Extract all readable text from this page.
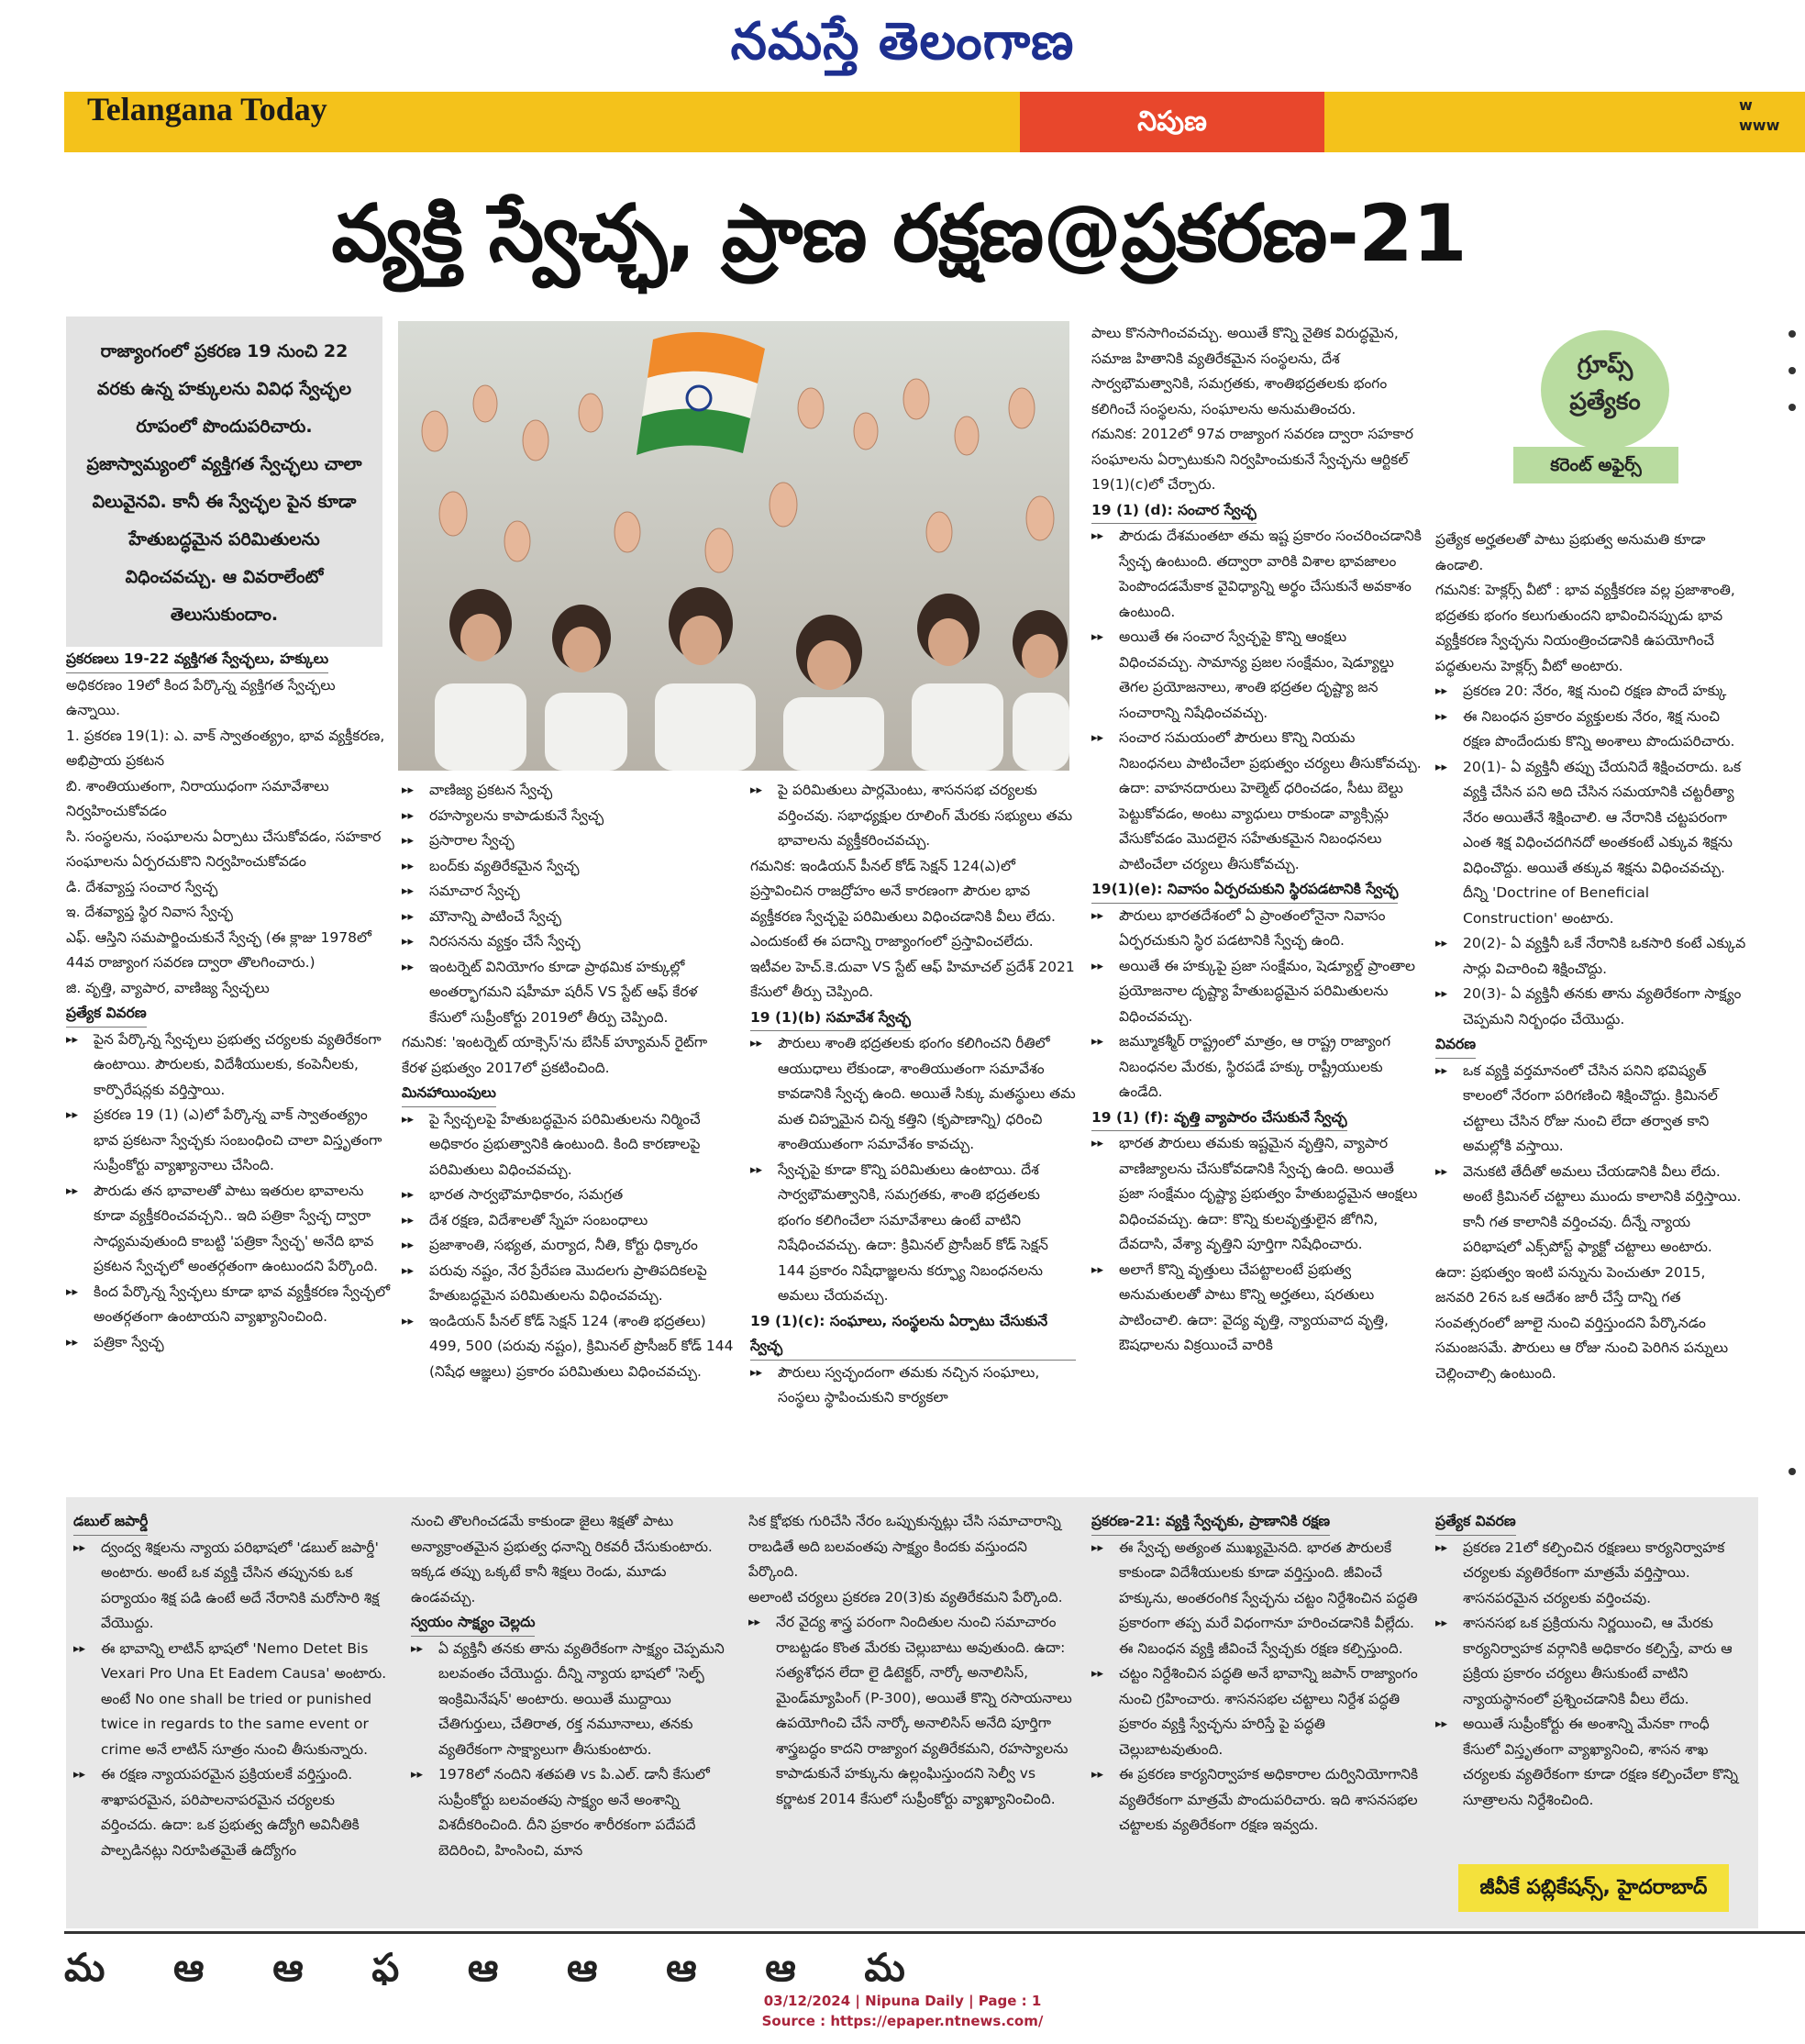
నమస్తే తెలంగాణ
Telangana Today	నిపుణ
w
www
వ్యక్తి స్వేచ్ఛ, ప్రాణ రక్షణ@ప్రకరణ-21
రాజ్యాంగంలో ప్రకరణ 19 నుంచి 22 వరకు ఉన్న హక్కులను వివిధ స్వేచ్ఛల రూపంలో పొందుపరిచారు. ప్రజాస్వామ్యంలో వ్యక్తిగత స్వేచ్ఛలు చాలా విలువైనవి. కానీ ఈ స్వేచ్ఛల పైన కూడా హేతుబద్ధమైన పరిమితులను విధించవచ్చు. ఆ వివరాలేంటో తెలుసుకుందాం.
గ్రూప్స్ ప్రత్యేకం
కరెంట్ అఫైర్స్

ప్రకరణలు 19-22 వ్యక్తిగత స్వేచ్ఛలు, హక్కులు

అధికరణం 19లో కింద పేర్కొన్న వ్యక్తిగత స్వేచ్ఛలు ఉన్నాయి.

1. ప్రకరణ 19(1): ఎ. వాక్ స్వాతంత్య్రం, భావ వ్యక్తీకరణ, అభిప్రాయ ప్రకటన

బి. శాంతియుతంగా, నిరాయుధంగా సమావేశాలు నిర్వహించుకోవడం

సి. సంస్థలను, సంఘాలను ఏర్పాటు చేసుకోవడం, సహకార సంఘాలను ఏర్పరచుకొని నిర్వహించుకోవడం

డి. దేశవ్యాప్త సంచార స్వేచ్ఛ

ఇ. దేశవ్యాప్త స్థిర నివాస స్వేచ్ఛ

ఎఫ్. ఆస్తిని సమపార్జించుకునే స్వేచ్ఛ (ఈ క్లాజు 1978లో 44వ రాజ్యాంగ సవరణ ద్వారా తొలగించారు.)

జి. వృత్తి, వ్యాపార, వాణిజ్య స్వేచ్ఛలు

ప్రత్యేక వివరణ

▸▸ పైన పేర్కొన్న స్వేచ్ఛలు ప్రభుత్వ చర్యలకు వ్యతిరేకంగా ఉంటాయి. పౌరులకు, విదేశీయులకు, కంపెనీలకు, కార్పొరేషన్లకు వర్తిస్తాయి.

▸▸ ప్రకరణ 19 (1) (ఎ)లో పేర్కొన్న వాక్ స్వాతంత్య్రం భావ ప్రకటనా స్వేచ్ఛకు సంబంధించి చాలా విస్తృతంగా సుప్రీంకోర్టు వ్యాఖ్యానాలు చేసింది.

▸▸ పౌరుడు తన భావాలతో పాటు ఇతరుల భావాలను కూడా వ్యక్తీకరించవచ్చని.. ఇది పత్రికా స్వేచ్ఛ ద్వారా సాధ్యమవుతుంది కాబట్టి 'పత్రికా స్వేచ్ఛ' అనేది భావ ప్రకటన స్వేచ్ఛలో అంతర్గతంగా ఉంటుందని పేర్కొంది.

▸▸ కింద పేర్కొన్న స్వేచ్ఛలు కూడా భావ వ్యక్తీకరణ స్వేచ్ఛలో అంతర్గతంగా ఉంటాయని వ్యాఖ్యానించింది.

▸▸ పత్రికా స్వేచ్ఛ

▸▸ వాణిజ్య ప్రకటన స్వేచ్ఛ

▸▸ రహస్యాలను కాపాడుకునే స్వేచ్ఛ

▸▸ ప్రసారాల స్వేచ్ఛ

▸▸ బంద్‌కు వ్యతిరేకమైన స్వేచ్ఛ

▸▸ సమాచార స్వేచ్ఛ

▸▸ మౌనాన్ని పాటించే స్వేచ్ఛ

▸▸ నిరసనను వ్యక్తం చేసే స్వేచ్ఛ

▸▸ ఇంటర్నెట్ వినియోగం కూడా ప్రాథమిక హక్కుల్లో అంతర్భాగమని షహీమా షరీన్ VS స్టేట్ ఆఫ్ కేరళ కేసులో సుప్రీంకోర్టు 2019లో తీర్పు చెప్పింది.

గమనిక: 'ఇంటర్నెట్ యాక్సెస్'ను బేసిక్ హ్యూమన్ రైట్‌గా కేరళ ప్రభుత్వం 2017లో ప్రకటించింది.

మినహాయింపులు

▸▸ పై స్వేచ్ఛలపై హేతుబద్ధమైన పరిమితులను నిర్మించే అధికారం ప్రభుత్వానికి ఉంటుంది. కింది కారణాలపై పరిమితులు విధించవచ్చు.

▸▸ భారత సార్వభౌమాధికారం, సమగ్రత

▸▸ దేశ రక్షణ, విదేశాలతో స్నేహ సంబంధాలు

▸▸ ప్రజాశాంతి, సభ్యత, మర్యాద, నీతి, కోర్టు ధిక్కారం

▸▸ పరువు నష్టం, నేర ప్రేరేపణ మొదలగు ప్రాతిపదికలపై హేతుబద్ధమైన పరిమితులను విధించవచ్చు.

▸▸ ఇండియన్ పీనల్ కోడ్ సెక్షన్ 124 (శాంతి భద్రతలు) 499, 500 (పరువు నష్టం), క్రిమినల్ ప్రొసీజర్ కోడ్ 144 (నిషేధ ఆజ్ఞలు) ప్రకారం పరిమితులు విధించవచ్చు.

▸▸ పై పరిమితులు పార్లమెంటు, శాసనసభ చర్యలకు వర్తించవు. సభాధ్యక్షుల రూలింగ్ మేరకు సభ్యులు తమ భావాలను వ్యక్తీకరించవచ్చు.

గమనిక: ఇండియన్ పీనల్ కోడ్ సెక్షన్ 124(ఎ)లో ప్రస్తావించిన రాజద్రోహం అనే కారణంగా పౌరుల భావ వ్యక్తీకరణ స్వేచ్ఛపై పరిమితులు విధించడానికి వీలు లేదు. ఎందుకంటే ఈ పదాన్ని రాజ్యాంగంలో ప్రస్తావించలేదు. ఇటీవల హెచ్.కె.దువా VS స్టేట్ ఆఫ్ హిమాచల్ ప్రదేశ్ 2021 కేసులో తీర్పు చెప్పింది.

19 (1)(b) సమావేశ స్వేచ్ఛ

▸▸ పౌరులు శాంతి భద్రతలకు భంగం కలిగించని రీతిలో ఆయుధాలు లేకుండా, శాంతియుతంగా సమావేశం కావడానికి స్వేచ్ఛ ఉంది. అయితే సిక్కు మతస్థులు తమ మత చిహ్నమైన చిన్న కత్తిని (కృపాణాన్ని) ధరించి శాంతియుతంగా సమావేశం కావచ్చు.

▸▸ స్వేచ్ఛపై కూడా కొన్ని పరిమితులు ఉంటాయి. దేశ సార్వభౌమత్వానికి, సమగ్రతకు, శాంతి భద్రతలకు భంగం కలిగించేలా సమావేశాలు ఉంటే వాటిని నిషేధించవచ్చు. ఉదా: క్రిమినల్ ప్రొసీజర్ కోడ్ సెక్షన్ 144 ప్రకారం నిషేధాజ్ఞలను కర్ఫ్యూ నిబంధనలను అమలు చేయవచ్చు.

19 (1)(c): సంఘాలు, సంస్థలను ఏర్పాటు చేసుకునే స్వేచ్ఛ

▸▸ పౌరులు స్వచ్ఛందంగా తమకు నచ్చిన సంఘాలు, సంస్థలు స్థాపించుకుని కార్యకలా

పాలు కొనసాగించవచ్చు. అయితే కొన్ని నైతిక విరుద్ధమైన, సమాజ హితానికి వ్యతిరేకమైన సంస్థలను, దేశ సార్వభౌమత్వానికి, సమగ్రతకు, శాంతిభద్రతలకు భంగం కలిగించే సంస్థలను, సంఘాలను అనుమతించరు.

గమనిక: 2012లో 97వ రాజ్యాంగ సవరణ ద్వారా సహకార సంఘాలను ఏర్పాటుకుని నిర్వహించుకునే స్వేచ్ఛను ఆర్టికల్ 19(1)(c)లో చేర్చారు.

19 (1) (d): సంచార స్వేచ్ఛ

▸▸ పౌరుడు దేశమంతటా తమ ఇష్ట ప్రకారం సంచరించడానికి స్వేచ్ఛ ఉంటుంది. తద్వారా వారికి విశాల భావజాలం పెంపొందడమేకాక వైవిధ్యాన్ని అర్థం చేసుకునే అవకాశం ఉంటుంది.

▸▸ అయితే ఈ సంచార స్వేచ్ఛపై కొన్ని ఆంక్షలు విధించవచ్చు. సామాన్య ప్రజల సంక్షేమం, షెడ్యూల్డు తెగల ప్రయోజనాలు, శాంతి భద్రతల దృష్ట్యా జన సంచారాన్ని నిషేధించవచ్చు.

▸▸ సంచార సమయంలో పౌరులు కొన్ని నియమ నిబంధనలు పాటించేలా ప్రభుత్వం చర్యలు తీసుకోవచ్చు. ఉదా: వాహనదారులు హెల్మెట్ ధరించడం, సీటు బెల్టు పెట్టుకోవడం, అంటు వ్యాధులు రాకుండా వ్యాక్సిన్లు వేసుకోవడం మొదలైన సహేతుకమైన నిబంధనలు పాటించేలా చర్యలు తీసుకోవచ్చు.

19(1)(e): నివాసం ఏర్పరచుకుని స్థిరపడటానికి స్వేచ్ఛ

▸▸ పౌరులు భారతదేశంలో ఏ ప్రాంతంలోనైనా నివాసం ఏర్పరచుకుని స్థిర పడటానికి స్వేచ్ఛ ఉంది.

▸▸ అయితే ఈ హక్కుపై ప్రజా సంక్షేమం, షెడ్యూల్డ్ ప్రాంతాల ప్రయోజనాల దృష్ట్యా హేతుబద్ధమైన పరిమితులను విధించవచ్చు.

▸▸ జమ్మూకశ్మీర్ రాష్ట్రంలో మాత్రం, ఆ రాష్ట్ర రాజ్యాంగ నిబంధనల మేరకు, స్థిరపడే హక్కు రాష్ట్రీయులకు ఉండేది.

19 (1) (f): వృత్తి వ్యాపారం చేసుకునే స్వేచ్ఛ

▸▸ భారత పౌరులు తమకు ఇష్టమైన వృత్తిని, వ్యాపార వాణిజ్యాలను చేసుకోవడానికి స్వేచ్ఛ ఉంది. అయితే ప్రజా సంక్షేమం దృష్ట్యా ప్రభుత్వం హేతుబద్ధమైన ఆంక్షలు విధించవచ్చు. ఉదా: కొన్ని కులవృత్తులైన జోగిని, దేవదాసి, వేశ్యా వృత్తిని పూర్తిగా నిషేధించారు.

▸▸ అలాగే కొన్ని వృత్తులు చేపట్టాలంటే ప్రభుత్వ అనుమతులతో పాటు కొన్ని అర్హతలు, షరతులు పాటించాలి. ఉదా: వైద్య వృత్తి, న్యాయవాద వృత్తి, ఔషధాలను విక్రయించే వారికి

ప్రత్యేక అర్హతలతో పాటు ప్రభుత్వ అనుమతి కూడా ఉండాలి.

గమనిక: హెక్లర్స్ వీటో : భావ వ్యక్తీకరణ వల్ల ప్రజాశాంతి, భద్రతకు భంగం కలుగుతుందని భావించినప్పుడు భావ వ్యక్తీకరణ స్వేచ్ఛను నియంత్రించడానికి ఉపయోగించే పద్ధతులను హెక్లర్స్ వీటో అంటారు.

▸▸ ప్రకరణ 20: నేరం, శిక్ష నుంచి రక్షణ పొందే హక్కు

▸▸ ఈ నిబంధన ప్రకారం వ్యక్తులకు నేరం, శిక్ష నుంచి రక్షణ పొందేందుకు కొన్ని అంశాలు పొందుపరిచారు.

▸▸ 20(1)- ఏ వ్యక్తినీ తప్పు చేయనిదే శిక్షించరాదు. ఒక వ్యక్తి చేసిన పని అది చేసిన సమయానికి చట్టరీత్యా నేరం అయితేనే శిక్షించాలి. ఆ నేరానికి చట్టపరంగా ఎంత శిక్ష విధించదగినదో అంతకంటే ఎక్కువ శిక్షను విధించొద్దు. అయితే తక్కువ శిక్షను విధించవచ్చు. దీన్ని 'Doctrine of Beneficial Construction' అంటారు.

▸▸ 20(2)- ఏ వ్యక్తినీ ఒకే నేరానికి ఒకసారి కంటే ఎక్కువ సార్లు విచారించి శిక్షించొద్దు.

▸▸ 20(3)- ఏ వ్యక్తినీ తనకు తాను వ్యతిరేకంగా సాక్ష్యం చెప్పమని నిర్బంధం చేయొద్దు.

వివరణ

▸▸ ఒక వ్యక్తి వర్తమానంలో చేసిన పనిని భవిష్యత్ కాలంలో నేరంగా పరిగణించి శిక్షించొద్దు. క్రిమినల్ చట్టాలు చేసిన రోజు నుంచి లేదా తర్వాత కాని అమల్లోకి వస్తాయి.

▸▸ వెనుకటి తేదీతో అమలు చేయడానికి వీలు లేదు. అంటే క్రిమినల్ చట్టాలు ముందు కాలానికి వర్తిస్తాయి. కానీ గత కాలానికి వర్తించవు. దీన్నే న్యాయ పరిభాషలో ఎక్స్‌పోస్ట్ ఫ్యాక్టో చట్టాలు అంటారు.

ఉదా: ప్రభుత్వం ఇంటి పన్నును పెంచుతూ 2015, జనవరి 26న ఒక ఆదేశం జారీ చేస్తే దాన్ని గత సంవత్సరంలో జూలై నుంచి వర్తిస్తుందని పేర్కొనడం సమంజసమే. పౌరులు ఆ రోజు నుంచి పెరిగిన పన్నులు చెల్లించాల్సి ఉంటుంది.

డబుల్ జపార్డీ

▸▸ ద్వంద్వ శిక్షలను న్యాయ పరిభాషలో 'డబుల్ జపార్డీ' అంటారు. అంటే ఒక వ్యక్తి చేసిన తప్పునకు ఒక పర్యాయం శిక్ష పడి ఉంటే అదే నేరానికి మరోసారి శిక్ష వేయొద్దు.

▸▸ ఈ భావాన్ని లాటిన్ భాషలో 'Nemo Detet Bis Vexari Pro Una Et Eadem Causa' అంటారు. అంటే No one shall be tried or punished twice in regards to the same event or crime అనే లాటిన్ సూత్రం నుంచి తీసుకున్నారు.

▸▸ ఈ రక్షణ న్యాయపరమైన ప్రక్రియలకే వర్తిస్తుంది. శాఖాపరమైన, పరిపాలనాపరమైన చర్యలకు వర్తించదు. ఉదా: ఒక ప్రభుత్వ ఉద్యోగి అవినీతికి పాల్పడినట్లు నిరూపితమైతే ఉద్యోగం

నుంచి తొలగించడమే కాకుండా జైలు శిక్షతో పాటు అన్యాక్రాంతమైన ప్రభుత్వ ధనాన్ని రికవరీ చేసుకుంటారు. ఇక్కడ తప్పు ఒక్కటే కానీ శిక్షలు రెండు, మూడు ఉండవచ్చు.

స్వయం సాక్ష్యం చెల్లదు

▸▸ ఏ వ్యక్తినీ తనకు తాను వ్యతిరేకంగా సాక్ష్యం చెప్పమని బలవంతం చేయొద్దు. దీన్ని న్యాయ భాషలో 'సెల్ఫ్ ఇంక్రిమినేషన్' అంటారు. అయితే ముద్దాయి చేతిగుర్తులు, చేతిరాత, రక్త నమూనాలు, తనకు వ్యతిరేకంగా సాక్ష్యాలుగా తీసుకుంటారు.

▸▸ 1978లో నందిని శతపతి vs పి.ఎల్. డానీ కేసులో సుప్రీంకోర్టు బలవంతపు సాక్ష్యం అనే అంశాన్ని విశదీకరించింది. దీని ప్రకారం శారీరకంగా పదేపదే బెదిరించి, హింసించి, మాన

సిక క్షోభకు గురిచేసి నేరం ఒప్పుకున్నట్లు చేసి సమాచారాన్ని రాబడితే అది బలవంతపు సాక్ష్యం కిందకు వస్తుందని పేర్కొంది.

అలాంటి చర్యలు ప్రకరణ 20(3)కు వ్యతిరేకమని పేర్కొంది.

▸▸ నేర వైద్య శాస్త్ర పరంగా నిందితుల నుంచి సమాచారం రాబట్టడం కొంత మేరకు చెల్లుబాటు అవుతుంది. ఉదా: సత్యశోధన లేదా లై డిటెక్టర్, నార్కో అనాలిసిస్, మైండ్‌మ్యాపింగ్ (P-300), అయితే కొన్ని రసాయనాలు ఉపయోగించి చేసే నార్కో అనాలిసిస్ అనేది పూర్తిగా శాస్త్రబద్ధం కాదని రాజ్యాంగ వ్యతిరేకమని, రహస్యాలను కాపాడుకునే హక్కును ఉల్లంఘిస్తుందని సెల్వీ vs కర్ణాటక 2014 కేసులో సుప్రీంకోర్టు వ్యాఖ్యానించింది.

ప్రకరణ-21: వ్యక్తి స్వేచ్ఛకు, ప్రాణానికి రక్షణ

▸▸ ఈ స్వేచ్ఛ అత్యంత ముఖ్యమైనది. భారత పౌరులకే కాకుండా విదేశీయులకు కూడా వర్తిస్తుంది. జీవించే హక్కును, అంతరంగిక స్వేచ్ఛను చట్టం నిర్దేశించిన పద్ధతి ప్రకారంగా తప్ప మరే విధంగానూ హరించడానికి వీల్లేదు. ఈ నిబంధన వ్యక్తి జీవించే స్వేచ్ఛకు రక్షణ కల్పిస్తుంది.

▸▸ చట్టం నిర్దేశించిన పద్ధతి అనే భావాన్ని జపాన్ రాజ్యాంగం నుంచి గ్రహించారు. శాసనసభల చట్టాలు నిర్దేశ పద్ధతి ప్రకారం వ్యక్తి స్వేచ్ఛను హరిస్తే పై పద్ధతి చెల్లుబాటవుతుంది.

▸▸ ఈ ప్రకరణ కార్యనిర్వాహక అధికారాల దుర్వినియోగానికి వ్యతిరేకంగా మాత్రమే పొందుపరిచారు. ఇది శాసనసభల చట్టాలకు వ్యతిరేకంగా రక్షణ ఇవ్వదు.

ప్రత్యేక వివరణ

▸▸ ప్రకరణ 21లో కల్పించిన రక్షణలు కార్యనిర్వాహక చర్యలకు వ్యతిరేకంగా మాత్రమే వర్తిస్తాయి. శాసనపరమైన చర్యలకు వర్తించవు.

▸▸ శాసనసభ ఒక ప్రక్రియను నిర్ణయించి, ఆ మేరకు కార్యనిర్వాహక వర్గానికి అధికారం కల్పిస్తే, వారు ఆ ప్రక్రియ ప్రకారం చర్యలు తీసుకుంటే వాటిని న్యాయస్థానంలో ప్రశ్నించడానికి వీలు లేదు.

▸▸ అయితే సుప్రీంకోర్టు ఈ అంశాన్ని మేనకా గాంధీ కేసులో విస్తృతంగా వ్యాఖ్యానించి, శాసన శాఖ చర్యలకు వ్యతిరేకంగా కూడా రక్షణ కల్పించేలా కొన్ని సూత్రాలను నిర్దేశించింది.

జీవీకే పబ్లికేషన్స్, హైదరాబాద్
మ ఆ ఆ ఫ ఆ ఆ ఆ ఆ మ
03/12/2024 | Nipuna Daily | Page : 1
Source : https://epaper.ntnews.com/
